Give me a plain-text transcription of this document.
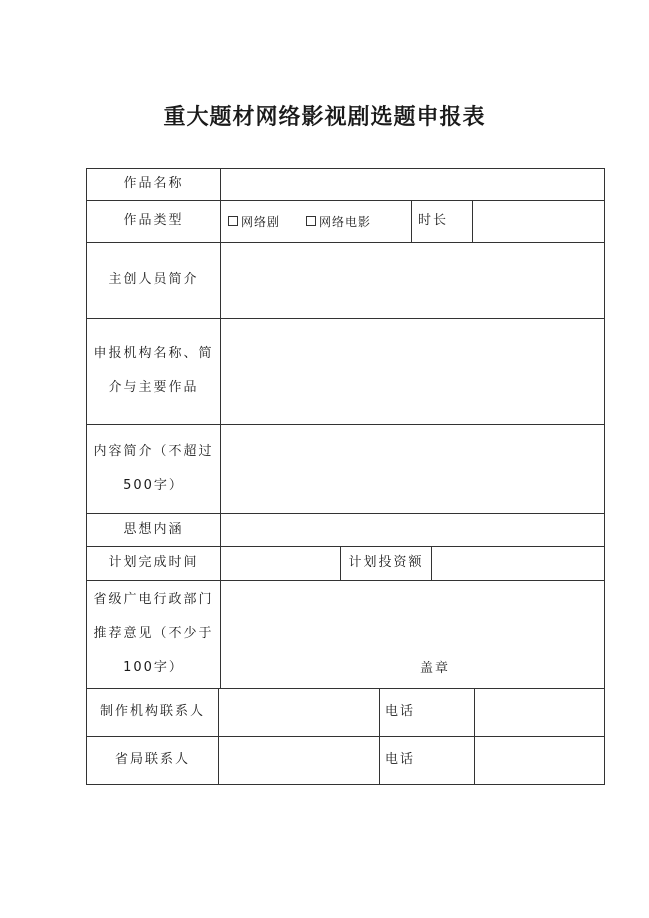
重大题材网络影视剧选题申报表
作品名称
作品类型	网络剧	网络电影	时长
主创人员简介
申报机构名称、简
介与主要作品
内容简介（不超过
500字）
思想内涵
计划完成时间	计划投资额
省级广电行政部门
推荐意见（不少于
100字）	盖章
制作机构联系人	电话
省局联系人	电话
